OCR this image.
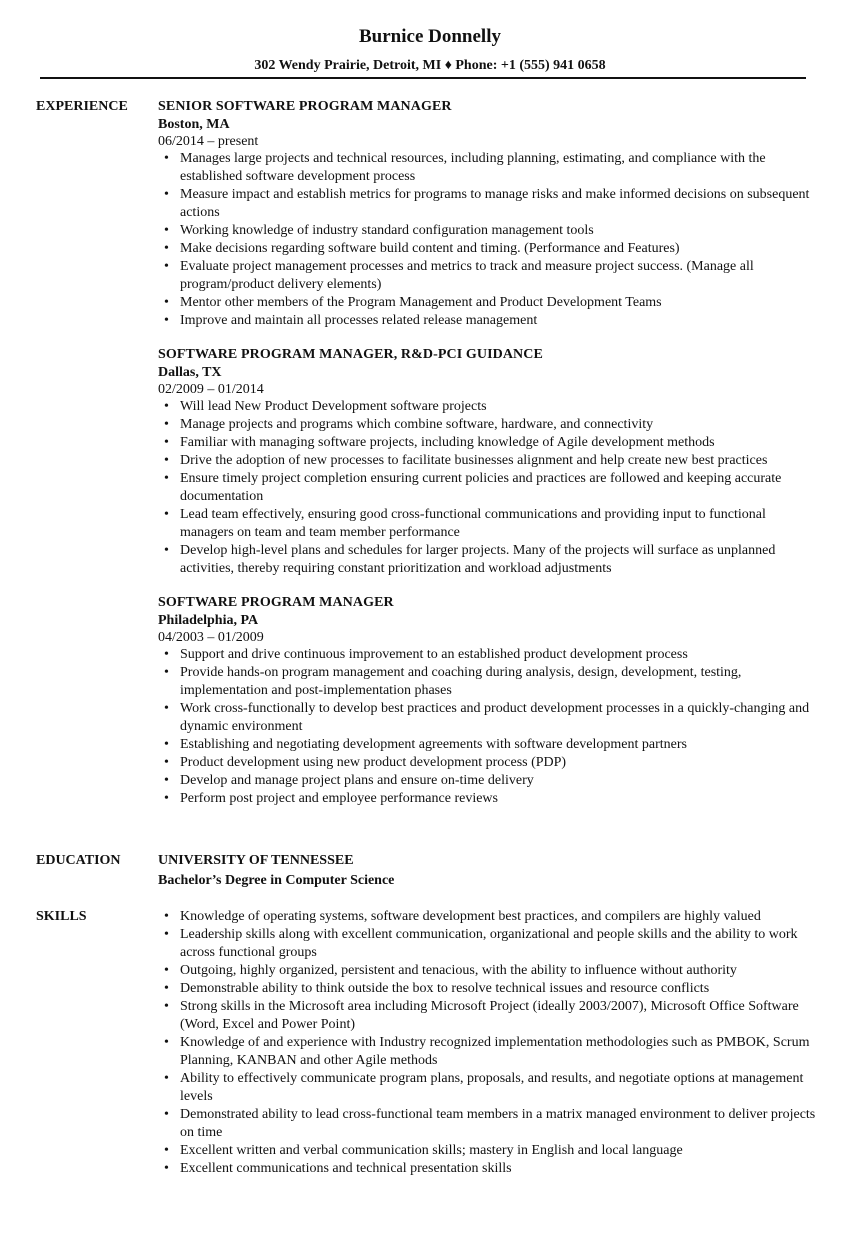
Burnice Donnelly
302 Wendy Prairie, Detroit, MI ♦ Phone: +1 (555) 941 0658
EXPERIENCE SENIOR SOFTWARE PROGRAM MANAGER
Boston, MA
06/2014 – present
• Manages large projects and technical resources, including planning, estimating, and compliance with the established software development process
• Measure impact and establish metrics for programs to manage risks and make informed decisions on subsequent actions
• Working knowledge of industry standard configuration management tools
• Make decisions regarding software build content and timing. (Performance and Features)
• Evaluate project management processes and metrics to track and measure project success. (Manage all program/product delivery elements)
• Mentor other members of the Program Management and Product Development Teams
• Improve and maintain all processes related release management
SOFTWARE PROGRAM MANAGER, R&D-PCI GUIDANCE
Dallas, TX
02/2009 – 01/2014
• Will lead New Product Development software projects
• Manage projects and programs which combine software, hardware, and connectivity
• Familiar with managing software projects, including knowledge of Agile development methods
• Drive the adoption of new processes to facilitate businesses alignment and help create new best practices
• Ensure timely project completion ensuring current policies and practices are followed and keeping accurate documentation
• Lead team effectively, ensuring good cross-functional communications and providing input to functional managers on team and team member performance
• Develop high-level plans and schedules for larger projects. Many of the projects will surface as unplanned activities, thereby requiring constant prioritization and workload adjustments
SOFTWARE PROGRAM MANAGER
Philadelphia, PA
04/2003 – 01/2009
• Support and drive continuous improvement to an established product development process
• Provide hands-on program management and coaching during analysis, design, development, testing, implementation and post-implementation phases
• Work cross-functionally to develop best practices and product development processes in a quickly-changing and dynamic environment
• Establishing and negotiating development agreements with software development partners
• Product development using new product development process (PDP)
• Develop and manage project plans and ensure on-time delivery
• Perform post project and employee performance reviews
EDUCATION	UNIVERSITY OF TENNESSEE
Bachelor’s Degree in Computer Science
SKILLS	• Knowledge of operating systems, software development best practices, and compilers are highly valued
• Leadership skills along with excellent communication, organizational and people skills and the ability to work across functional groups
• Outgoing, highly organized, persistent and tenacious, with the ability to influence without authority
• Demonstrable ability to think outside the box to resolve technical issues and resource conflicts
• Strong skills in the Microsoft area including Microsoft Project (ideally 2003/2007), Microsoft Office Software (Word, Excel and Power Point)
• Knowledge of and experience with Industry recognized implementation methodologies such as PMBOK, Scrum Planning, KANBAN and other Agile methods
• Ability to effectively communicate program plans, proposals, and results, and negotiate options at management levels
• Demonstrated ability to lead cross-functional team members in a matrix managed environment to deliver projects on time
• Excellent written and verbal communication skills; mastery in English and local language
• Excellent communications and technical presentation skills
